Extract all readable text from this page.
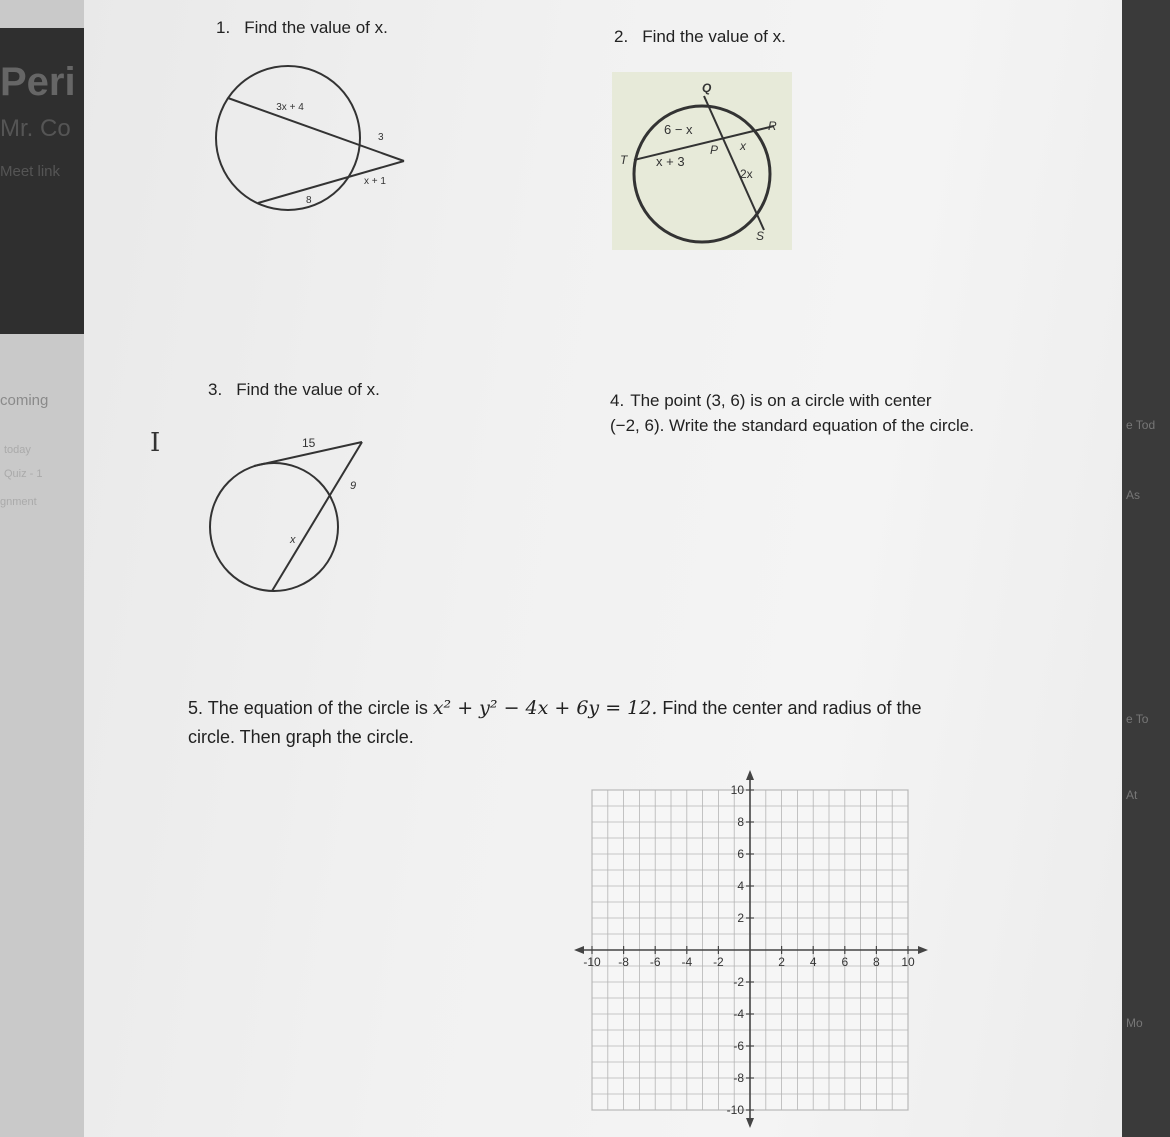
Peri
Mr. Co
Meet link
coming
today
Quiz - 1
gnment
e Tod
As
e To
At
Mo
1. Find the value of x.
3x + 4
3
x + 1
8
2. Find the value of x.
Q
R
T
P
S
6 − x
x + 3
x
2x
3. Find the value of x.
15
9
x
4. The point (3, 6) is on a circle with center
(−2, 6). Write the standard equation of the circle.
5. The equation of the circle is x² + y² − 4x + 6y = 12. Find the center and radius of the
circle. Then graph the circle.
-10 -8 -6 -4 -2	2 4 6 8 10
10
8
6
4
2
-2
-4
-6
-8
-10
I
